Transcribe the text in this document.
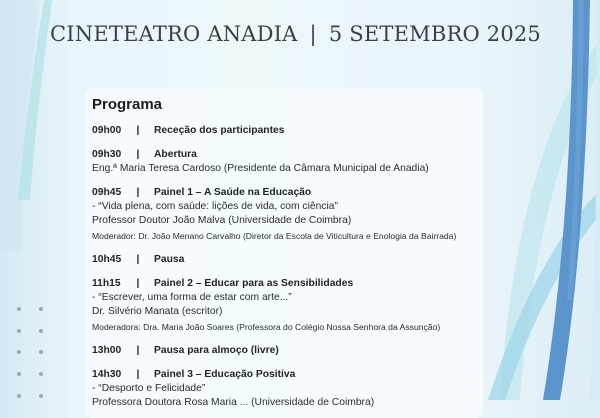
CINETEATRO ANADIA | 5 SETEMBRO 2025
Programa
09h00 | Receção dos participantes
09h30 | Abertura
Eng.ª Maria Teresa Cardoso (Presidente da Câmara Municipal de Anadia)
09h45 | Painel 1 – A Saúde na Educação
- “Vida plena, com saúde: lições de vida, com ciência”
Professor Doutor João Malva (Universidade de Coimbra)
Moderador: Dr. João Menano Carvalho (Diretor da Escola de Viticultura e Enologia da Bairrada)
10h45 | Pausa
11h15 | Painel 2 – Educar para as Sensibilidades
- “Escrever, uma forma de estar com arte...”
Dr. Silvério Manata (escritor)
Moderadora: Dra. Maria João Soares (Professora do Colégio Nossa Senhora da Assunção)
13h00 | Pausa para almoço (livre)
14h30 | Painel 3 – Educação Positiva
- “Desporto e Felicidade”
Professora Doutora Rosa Maria ... (Universidade de Coimbra)
